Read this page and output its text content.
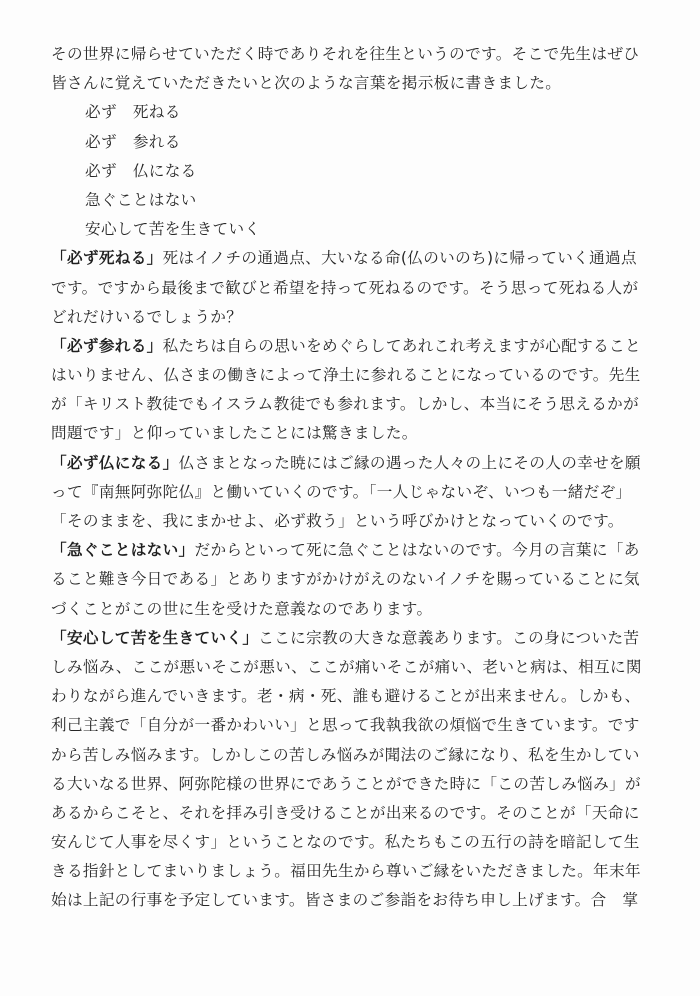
その世界に帰らせていただく時でありそれを往生というのです。そこで先生はぜひ
皆さんに覚えていただきたいと次のような言葉を掲示板に書きました。
必ず　死ねる
必ず　参れる
必ず　仏になる
急ぐことはない
安心して苦を生きていく
「必ず死ねる」死はイノチの通過点、大いなる命(仏のいのち)に帰っていく通過点
です。ですから最後まで歓びと希望を持って死ねるのです。そう思って死ねる人が
どれだけいるでしょうか？
「必ず参れる」私たちは自らの思いをめぐらしてあれこれ考えますが心配すること
はいりません、仏さまの働きによって浄土に参れることになっているのです。先生
が「キリスト教徒でもイスラム教徒でも参れます。しかし、本当にそう思えるかが
問題です」と仰っていましたことには驚きました。
「必ず仏になる」仏さまとなった暁にはご縁の遇った人々の上にその人の幸せを願
って『南無阿弥陀仏』と働いていくのです。「一人じゃないぞ、いつも一緒だぞ」
「そのままを、我にまかせよ、必ず救う」という呼びかけとなっていくのです。
「急ぐことはない」だからといって死に急ぐことはないのです。今月の言葉に「あ
ること難き今日である」とありますがかけがえのないイノチを賜っていることに気
づくことがこの世に生を受けた意義なのであります。
「安心して苦を生きていく」ここに宗教の大きな意義あります。この身についた苦
しみ悩み、ここが悪いそこが悪い、ここが痛いそこが痛い、老いと病は、相互に関
わりながら進んでいきます。老・病・死、誰も避けることが出来ません。しかも、
利己主義で「自分が一番かわいい」と思って我執我欲の煩悩で生きています。です
から苦しみ悩みます。しかしこの苦しみ悩みが聞法のご縁になり、私を生かしてい
る大いなる世界、阿弥陀様の世界にであうことができた時に「この苦しみ悩み」が
あるからこそと、それを拝み引き受けることが出来るのです。そのことが「天命に
安んじて人事を尽くす」ということなのです。私たちもこの五行の詩を暗記して生
きる指針としてまいりましょう。福田先生から尊いご縁をいただきました。年末年
始は上記の行事を予定しています。皆さまのご参詣をお待ち申し上げます。合　掌
